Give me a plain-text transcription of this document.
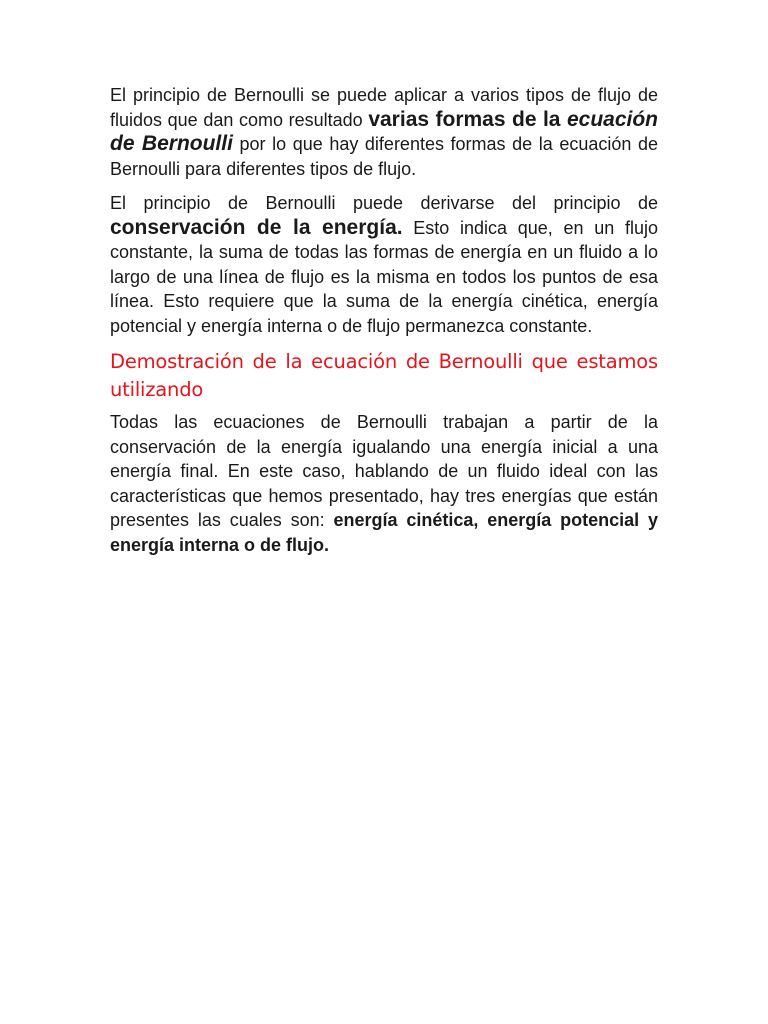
El principio de Bernoulli se puede aplicar a varios tipos de flujo de fluidos que dan como resultado varias formas de la ecuación de Bernoulli por lo que hay diferentes formas de la ecuación de Bernoulli para diferentes tipos de flujo.

El principio de Bernoulli puede derivarse del principio de conservación de la energía. Esto indica que, en un flujo constante, la suma de todas las formas de energía en un fluido a lo largo de una línea de flujo es la misma en todos los puntos de esa línea. Esto requiere que la suma de la energía cinética, energía potencial y energía interna o de flujo permanezca constante.

Demostración de la ecuación de Bernoulli que estamos utilizando

Todas las ecuaciones de Bernoulli trabajan a partir de la conservación de la energía igualando una energía inicial a una energía final. En este caso, hablando de un fluido ideal con las características que hemos presentado, hay tres energías que están presentes las cuales son: energía cinética, energía potencial y energía interna o de flujo.
